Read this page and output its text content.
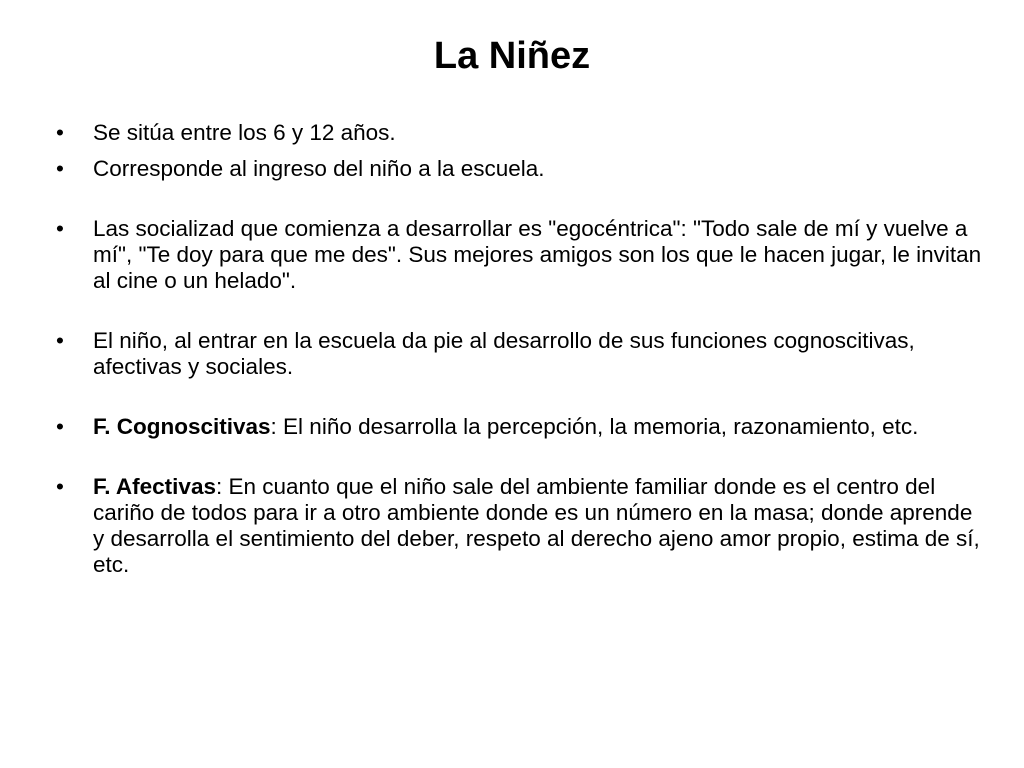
La Niñez
•	Se sitúa entre los 6 y 12 años.
•	Corresponde al ingreso del niño a la escuela.
•	Las socializad que comienza a desarrollar es "egocéntrica": "Todo sale de mí y vuelve a mí", "Te doy para que me des". Sus mejores amigos son los que le hacen jugar, le invitan al cine o un helado".
•	El niño, al entrar en la escuela da pie al desarrollo de sus funciones cognoscitivas, afectivas y sociales.
•	F. Cognoscitivas: El niño desarrolla la percepción, la memoria, razonamiento, etc.
•	F. Afectivas: En cuanto que el niño sale del ambiente familiar donde es el centro del cariño de todos para ir a otro ambiente donde es un número en la masa; donde aprende y desarrolla el sentimiento del deber, respeto al derecho ajeno amor propio, estima de sí, etc.
